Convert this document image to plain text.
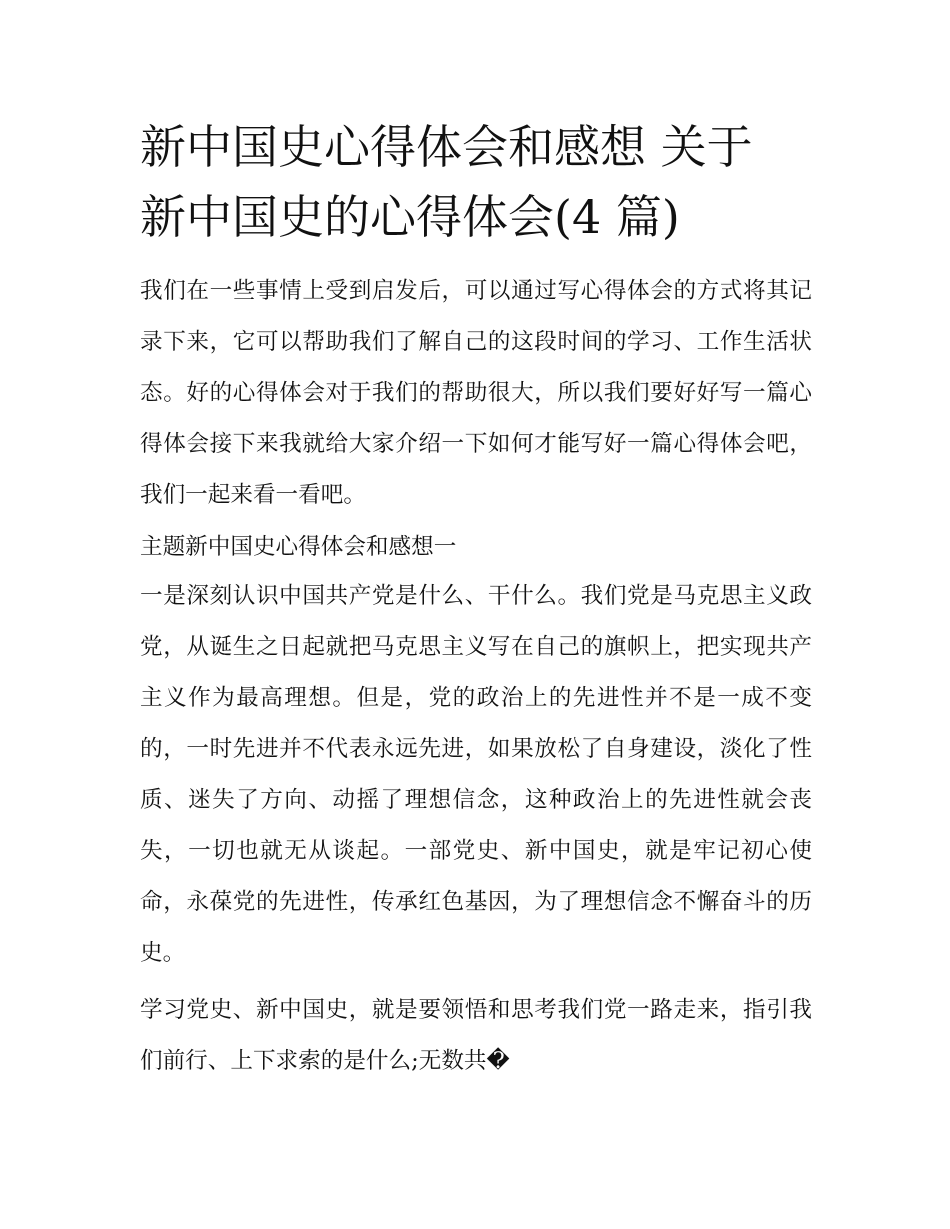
新中国史心得体会和感想 关于
新中国史的心得体会(4 篇)

我们在一些事情上受到启发后，可以通过写心得体会的方式将其记录下来，它可以帮助我们了解自己的这段时间的学习、工作生活状态。好的心得体会对于我们的帮助很大，所以我们要好好写一篇心得体会接下来我就给大家介绍一下如何才能写好一篇心得体会吧，我们一起来看一看吧。

主题新中国史心得体会和感想一

一是深刻认识中国共产党是什么、干什么。我们党是马克思主义政党，从诞生之日起就把马克思主义写在自己的旗帜上，把实现共产主义作为最高理想。但是，党的政治上的先进性并不是一成不变的，一时先进并不代表永远先进，如果放松了自身建设，淡化了性质、迷失了方向、动摇了理想信念，这种政治上的先进性就会丧失，一切也就无从谈起。一部党史、新中国史，就是牢记初心使命，永葆党的先进性，传承红色基因，为了理想信念不懈奋斗的历史。

学习党史、新中国史，就是要领悟和思考我们党一路走来，指引我们前行、上下求索的是什么;无数共�
